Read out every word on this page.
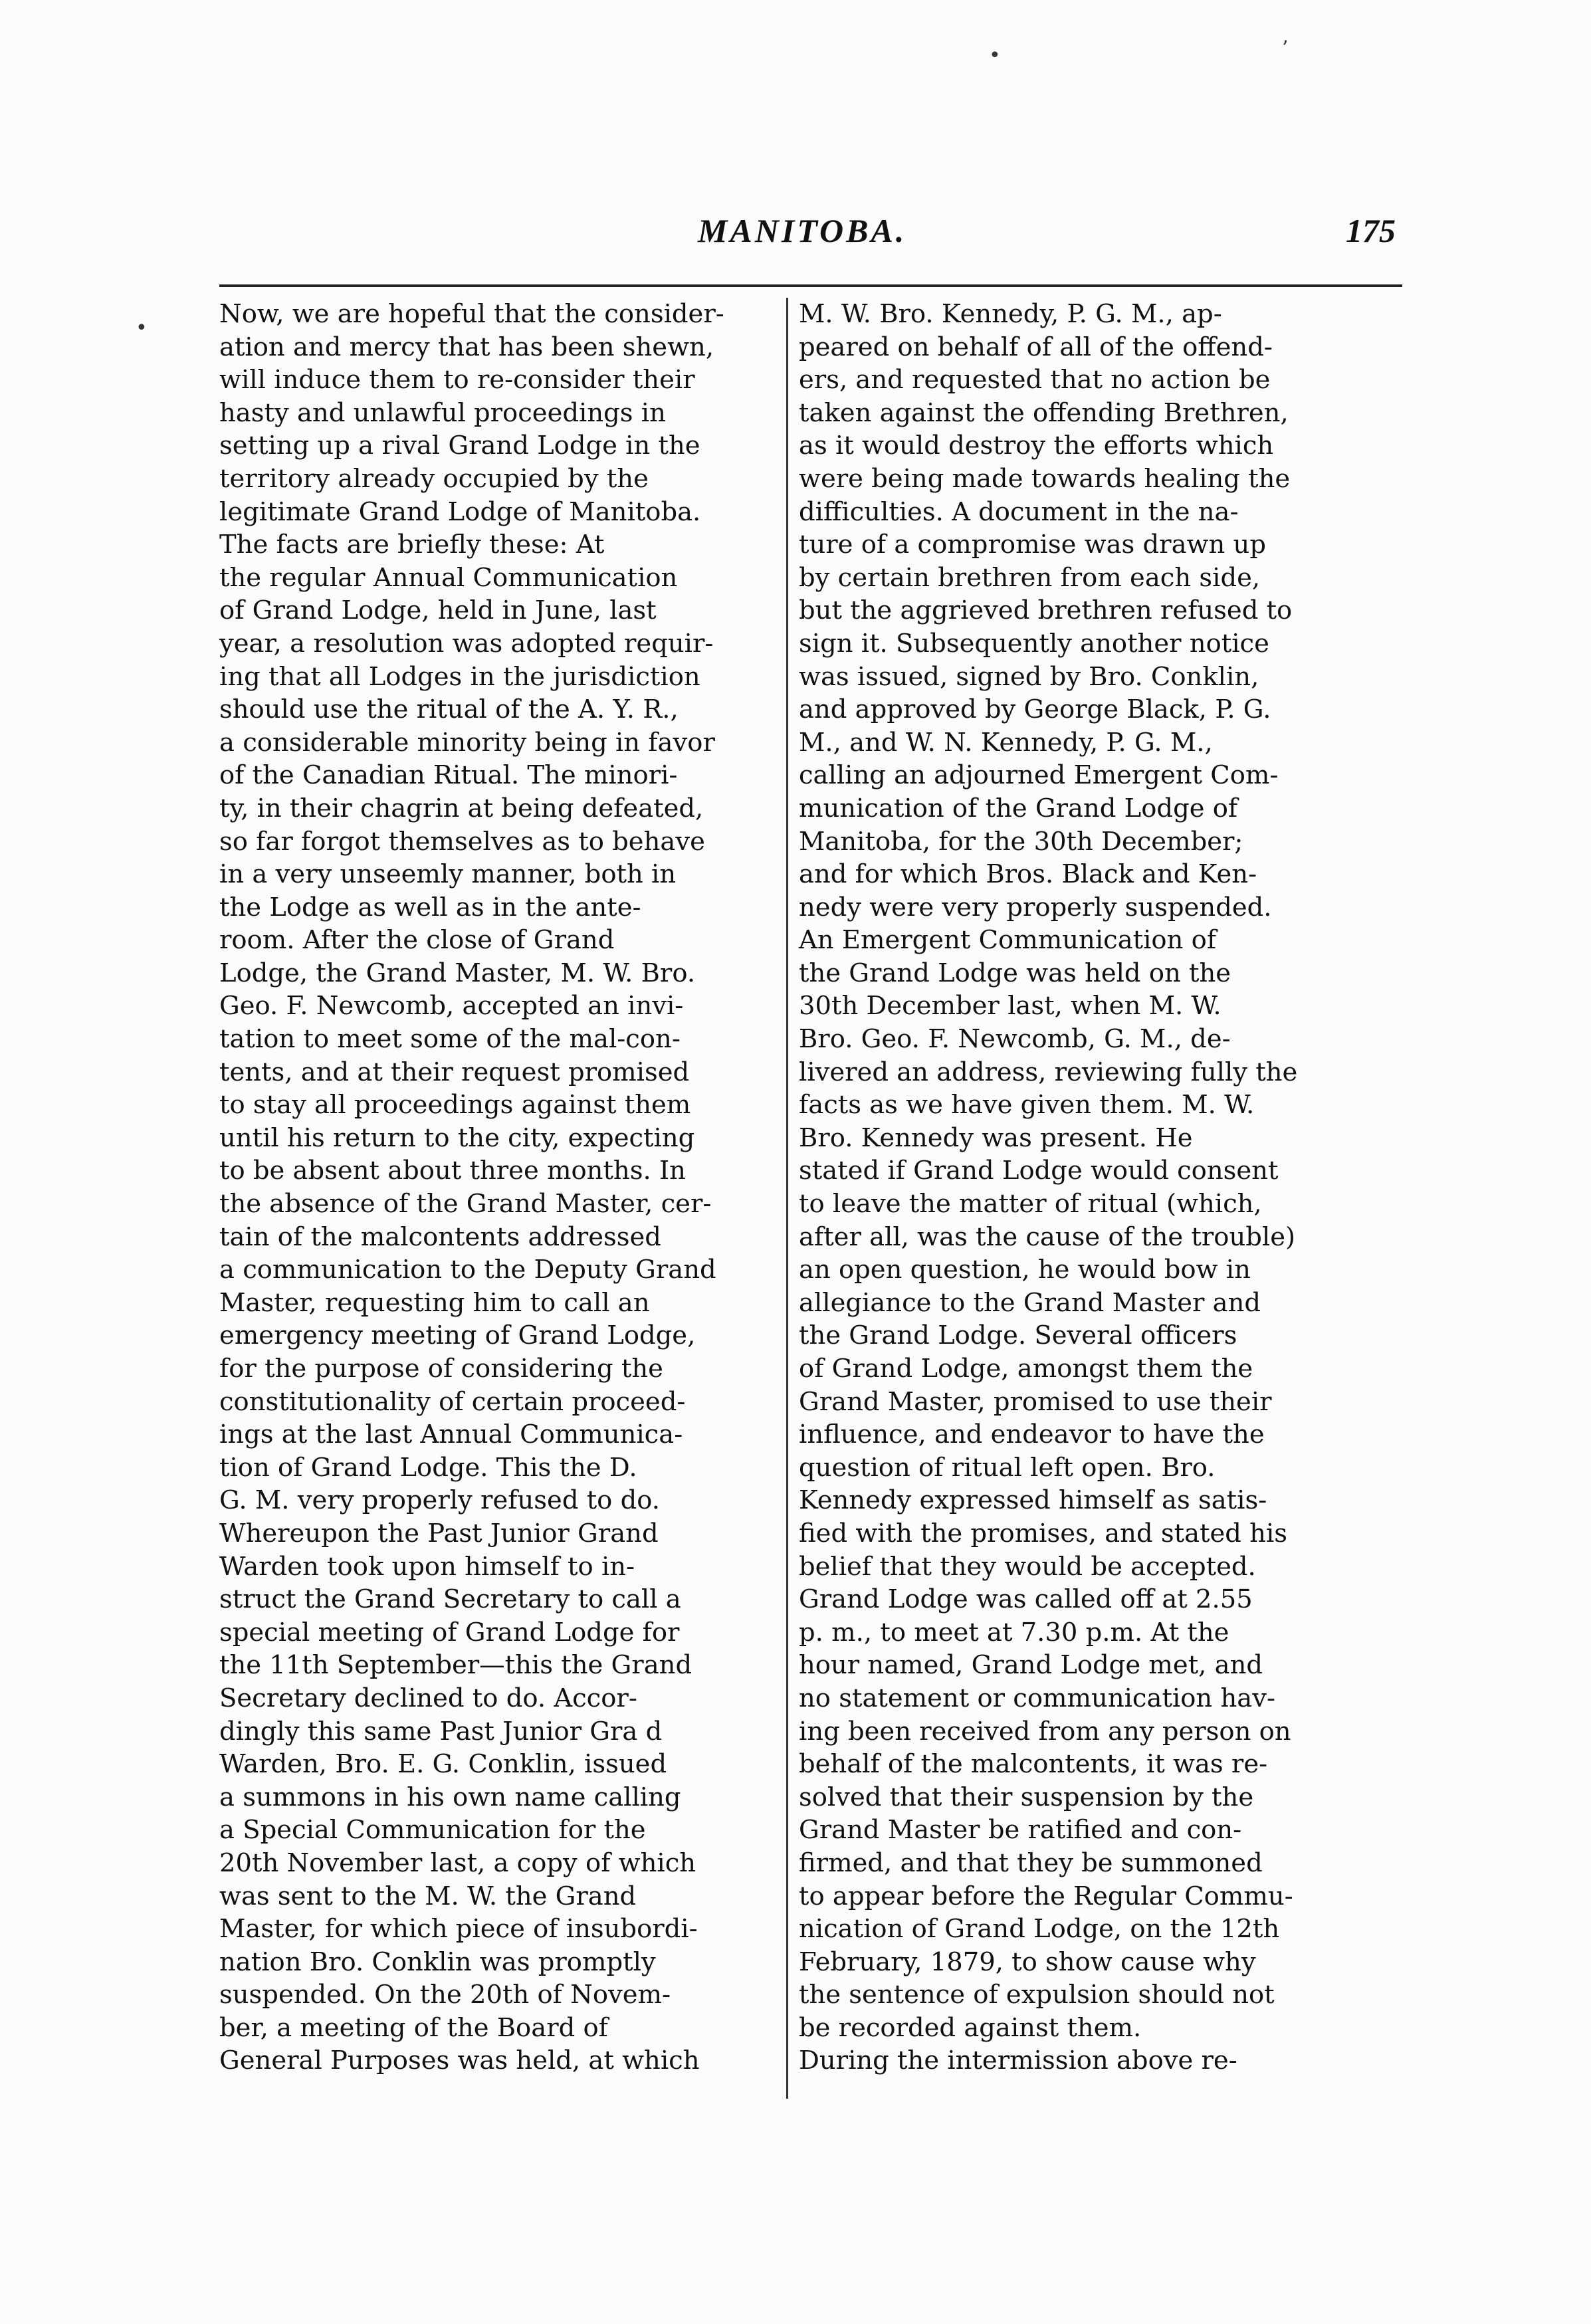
MANITOBA.	175
•	ʼ
•	Now, we are hopeful that the consider-
ation and mercy that has been shewn,
will induce them to re-consider their
hasty and unlawful proceedings in
setting up a rival Grand Lodge in the
territory already occupied by the
legitimate Grand Lodge of Manitoba.
The facts are briefly these: At
the regular Annual Communication
of Grand Lodge, held in June, last
year, a resolution was adopted requir-
ing that all Lodges in the jurisdiction
should use the ritual of the A. Y. R.,
a considerable minority being in favor
of the Canadian Ritual. The minori-
ty, in their chagrin at being defeated,
so far forgot themselves as to behave
in a very unseemly manner, both in
the Lodge as well as in the ante-
room. After the close of Grand
Lodge, the Grand Master, M. W. Bro.
Geo. F. Newcomb, accepted an invi-
tation to meet some of the mal-con-
tents, and at their request promised
to stay all proceedings against them
until his return to the city, expecting
to be absent about three months. In
the absence of the Grand Master, cer-
tain of the malcontents addressed
a communication to the Deputy Grand
Master, requesting him to call an
emergency meeting of Grand Lodge,
for the purpose of considering the
constitutionality of certain proceed-
ings at the last Annual Communica-
tion of Grand Lodge. This the D.
G. M. very properly refused to do.
Whereupon the Past Junior Grand
Warden took upon himself to in-
struct the Grand Secretary to call a
special meeting of Grand Lodge for
the 11th September—this the Grand
Secretary declined to do. Accor-
dingly this same Past Junior Gra d
Warden, Bro. E. G. Conklin, issued
a summons in his own name calling
a Special Communication for the
20th November last, a copy of which
was sent to the M. W. the Grand
Master, for which piece of insubordi-
nation Bro. Conklin was promptly
suspended. On the 20th of Novem-
ber, a meeting of the Board of
General Purposes was held, at which
M. W. Bro. Kennedy, P. G. M., ap-
peared on behalf of all of the offend-
ers, and requested that no action be
taken against the offending Brethren,
as it would destroy the efforts which
were being made towards healing the
difficulties. A document in the na-
ture of a compromise was drawn up
by certain brethren from each side,
but the aggrieved brethren refused to
sign it. Subsequently another notice
was issued, signed by Bro. Conklin,
and approved by George Black, P. G.
M., and W. N. Kennedy, P. G. M.,
calling an adjourned Emergent Com-
munication of the Grand Lodge of
Manitoba, for the 30th December;
and for which Bros. Black and Ken-
nedy were very properly suspended.
An Emergent Communication of
the Grand Lodge was held on the
30th December last, when M. W.
Bro. Geo. F. Newcomb, G. M., de-
livered an address, reviewing fully the
facts as we have given them. M. W.
Bro. Kennedy was present. He
stated if Grand Lodge would consent
to leave the matter of ritual (which,
after all, was the cause of the trouble)
an open question, he would bow in
allegiance to the Grand Master and
the Grand Lodge. Several officers
of Grand Lodge, amongst them the
Grand Master, promised to use their
influence, and endeavor to have the
question of ritual left open. Bro.
Kennedy expressed himself as satis-
fied with the promises, and stated his
belief that they would be accepted.
Grand Lodge was called off at 2.55
p. m., to meet at 7.30 p.m. At the
hour named, Grand Lodge met, and
no statement or communication hav-
ing been received from any person on
behalf of the malcontents, it was re-
solved that their suspension by the
Grand Master be ratified and con-
firmed, and that they be summoned
to appear before the Regular Commu-
nication of Grand Lodge, on the 12th
February, 1879, to show cause why
the sentence of expulsion should not
be recorded against them.
During the intermission above re-
